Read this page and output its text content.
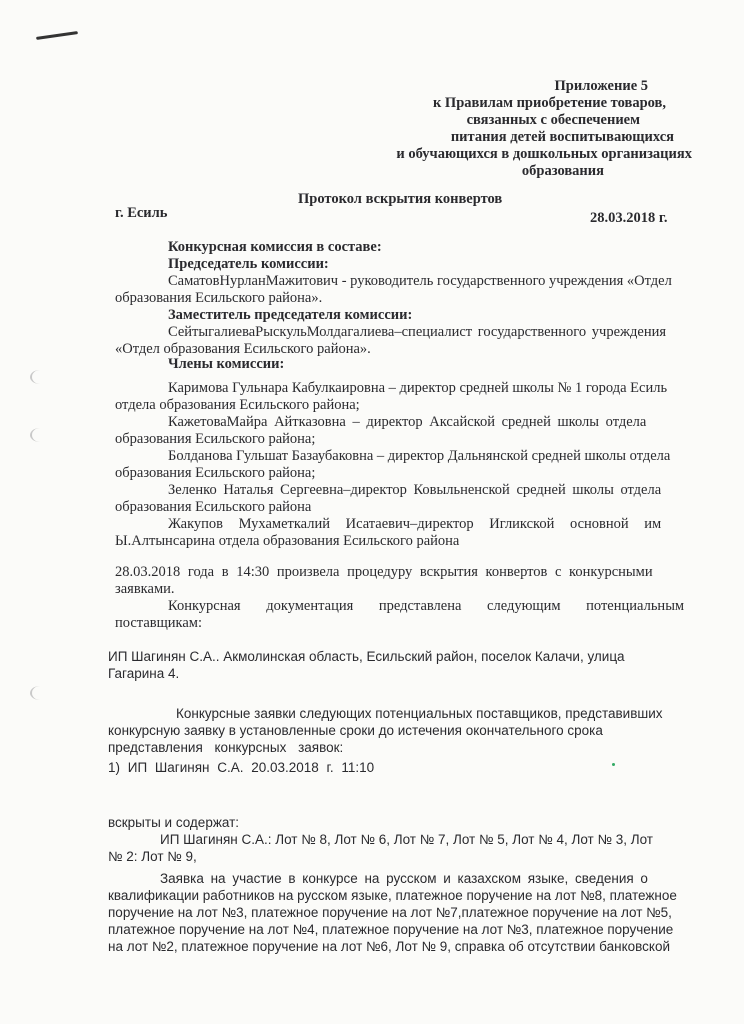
Приложение 5
к Правилам приобретение товаров,
связанных с обеспечением
питания детей воспитывающихся
и обучающихся в дошкольных организациях
образования
Протокол вскрытия конвертов
г. Есиль	28.03.2018 г.
Конкурсная комиссия в составе:
Председатель комиссии:
СаматовНурланМажитович - руководитель государственного учреждения «Отдел
образования Есильского района».
Заместитель председателя комиссии:
СейтыгалиеваРыскульМолдагалиева–специалист государственного учреждения
«Отдел образования Есильского района».
Члены комиссии:
Каримова Гульнара Кабулкаировна – директор средней школы № 1 города Есиль
отдела образования Есильского района;
КажетоваМайра Айтказовна – директор Аксайской средней школы отдела
образования Есильского района;
Болданова Гульшат Базаубаковна – директор Дальнянской средней школы отдела
образования Есильского района;
Зеленко Наталья Сергеевна–директор Ковыльненской средней школы отдела
образования Есильского района
Жакупов Мухаметкалий Исатаевич–директор Игликской основной им
Ы.Алтынсарина отдела образования Есильского района
28.03.2018 года в 14:30 произвела процедуру вскрытия конвертов с конкурсными
заявками.
Конкурсная документация представлена следующим потенциальным
поставщикам:
ИП Шагинян С.А.. Акмолинская область, Есильский район, поселок Калачи, улица
Гагарина 4.
Конкурсные заявки следующих потенциальных поставщиков, представивших
конкурсную заявку в установленные сроки до истечения окончательного срока
представления конкурсных заявок:
1) ИП Шагинян С.А. 20.03.2018 г. 11:10
вскрыты и содержат:
ИП Шагинян С.А.: Лот № 8, Лот № 6, Лот № 7, Лот № 5, Лот № 4, Лот № 3, Лот
№ 2: Лот № 9,
Заявка на участие в конкурсе на русском и казахском языке, сведения о
квалификации работников на русском языке, платежное поручение на лот №8, платежное
поручение на лот №3, платежное поручение на лот №7,платежное поручение на лот №5,
платежное поручение на лот №4, платежное поручение на лот №3, платежное поручение
на лот №2, платежное поручение на лот №6, Лот № 9, справка об отсутствии банковской
